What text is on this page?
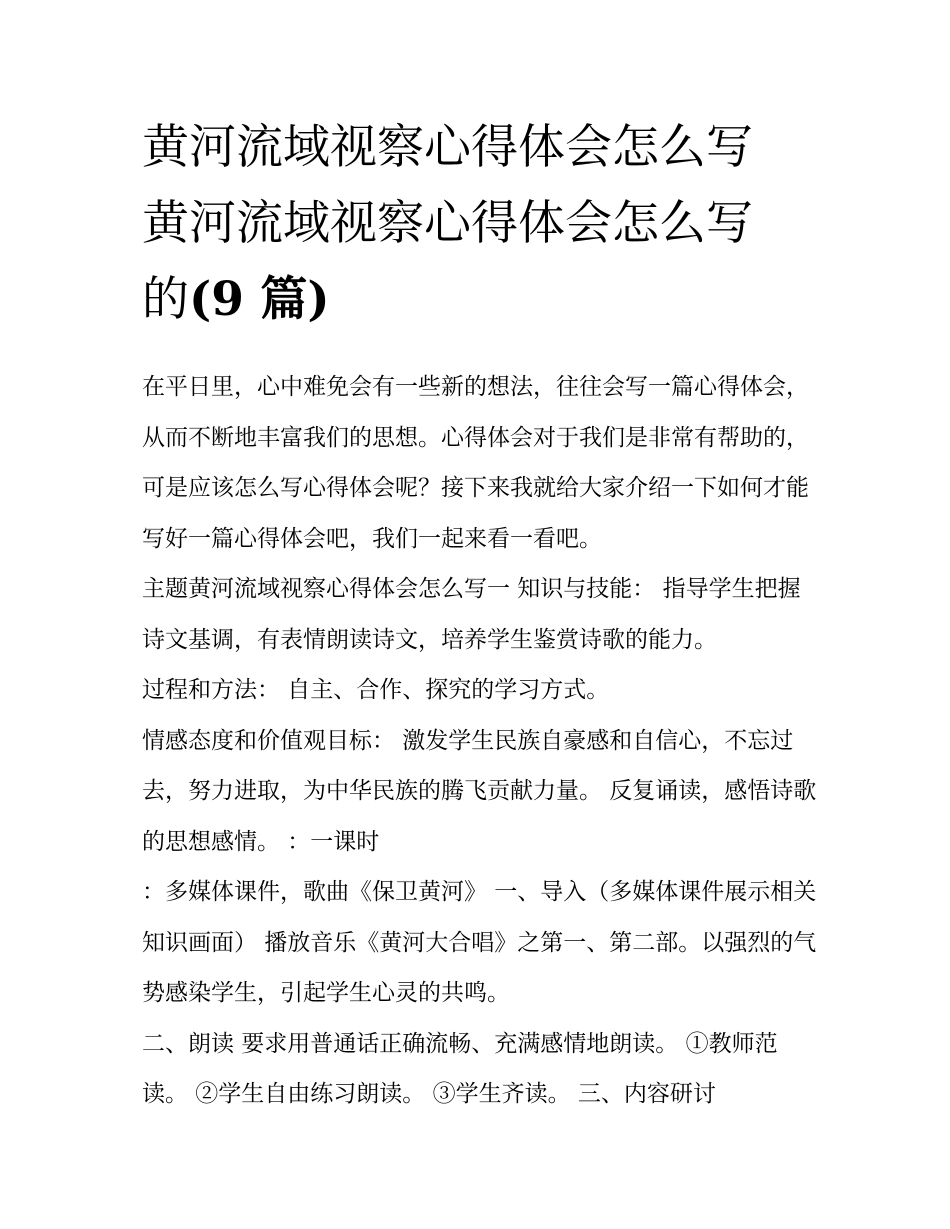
黄河流域视察心得体会怎么写
黄河流域视察心得体会怎么写
的(9 篇)

在平日里，心中难免会有一些新的想法，往往会写一篇心得体会，从而不断地丰富我们的思想。心得体会对于我们是非常有帮助的，可是应该怎么写心得体会呢？接下来我就给大家介绍一下如何才能写好一篇心得体会吧，我们一起来看一看吧。

主题黄河流域视察心得体会怎么写一 知识与技能： 指导学生把握诗文基调，有表情朗读诗文，培养学生鉴赏诗歌的能力。

过程和方法： 自主、合作、探究的学习方式。

情感态度和价值观目标： 激发学生民族自豪感和自信心，不忘过去，努力进取，为中华民族的腾飞贡献力量。 反复诵读，感悟诗歌的思想感情。 ：一课时

：多媒体课件，歌曲《保卫黄河》 一、导入（多媒体课件展示相关知识画面） 播放音乐《黄河大合唱》之第一、第二部。以强烈的气势感染学生，引起学生心灵的共鸣。

二、朗读 要求用普通话正确流畅、充满感情地朗读。 ①教师范读。 ②学生自由练习朗读。 ③学生齐读。 三、内容研讨
